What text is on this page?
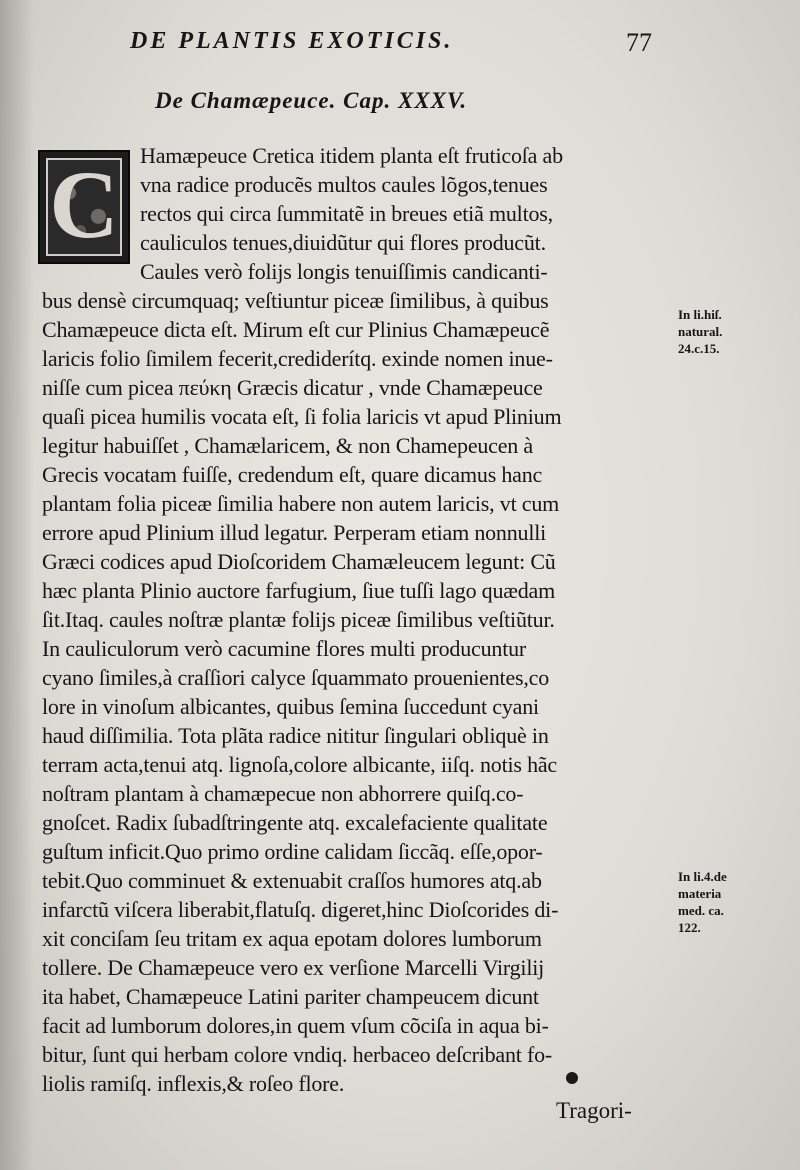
DE PLANTIS EXOTICIS.	77
De Chamæpeuce. Cap. XXXV.
C Hamæpeuce Cretica itidem planta eſt fruticoſa ab
vna radice producẽs multos caules lõgos,tenues
rectos qui circa ſummitatẽ in breues etiã multos,
cauliculos tenues,diuidũtur qui flores producũt.
Caules verò folijs longis tenuiſſimis candicanti-
bus densè circumquaq; veſtiuntur piceæ ſimilibus, à quibus
Chamæpeuce dicta eſt. Mirum eſt cur Plinius Chamæpeucẽ
laricis folio ſimilem fecerit,crediderítq. exinde nomen inue-
niſſe cum picea πεύκη Græcis dicatur , vnde Chamæpeuce
quaſi picea humilis vocata eſt, ſi folia laricis vt apud Plinium
legitur habuiſſet , Chamælaricem, & non Chamepeucen à
Grecis vocatam fuiſſe, credendum eſt, quare dicamus hanc
plantam folia piceæ ſimilia habere non autem laricis, vt cum
errore apud Plinium illud legatur. Perperam etiam nonnulli
Græci codices apud Dioſcoridem Chamæleucem legunt: Cũ
hæc planta Plinio auctore farfugium, ſiue tuſſi lago quædam
ſit.Itaq. caules noſtræ plantæ folijs piceæ ſimilibus veſtiũtur.
In cauliculorum verò cacumine flores multi producuntur
cyano ſimiles,à craſſiori calyce ſquammato prouenientes,co
lore in vinoſum albicantes, quibus ſemina ſuccedunt cyani
haud diſſimilia. Tota plãta radice nititur ſingulari obliquè in
terram acta,tenui atq. lignoſa,colore albicante, iiſq. notis hãc
noſtram plantam à chamæpecue non abhorrere quiſq.co-
gnoſcet. Radix ſubadſtringente atq. excalefaciente qualitate
guſtum inficit.Quo primo ordine calidam ſiccãq. eſſe,opor-
tebit.Quo comminuet & extenuabit craſſos humores atq.ab
infarctũ viſcera liberabit,flatuſq. digeret,hinc Dioſcorides di-
xit conciſam ſeu tritam ex aqua epotam dolores lumborum
tollere. De Chamæpeuce vero ex verſione Marcelli Virgilij
ita habet, Chamæpeuce Latini pariter champeucem dicunt
facit ad lumborum dolores,in quem vſum cõciſa in aqua bi-
bitur, ſunt qui herbam colore vndiq. herbaceo deſcribant fo-
liolis ramiſq. inflexis,& roſeo flore.
In li.hiſ.
natural.
24.c.15.
In li.4.de
materia
med. ca.
122.
Tragori-
